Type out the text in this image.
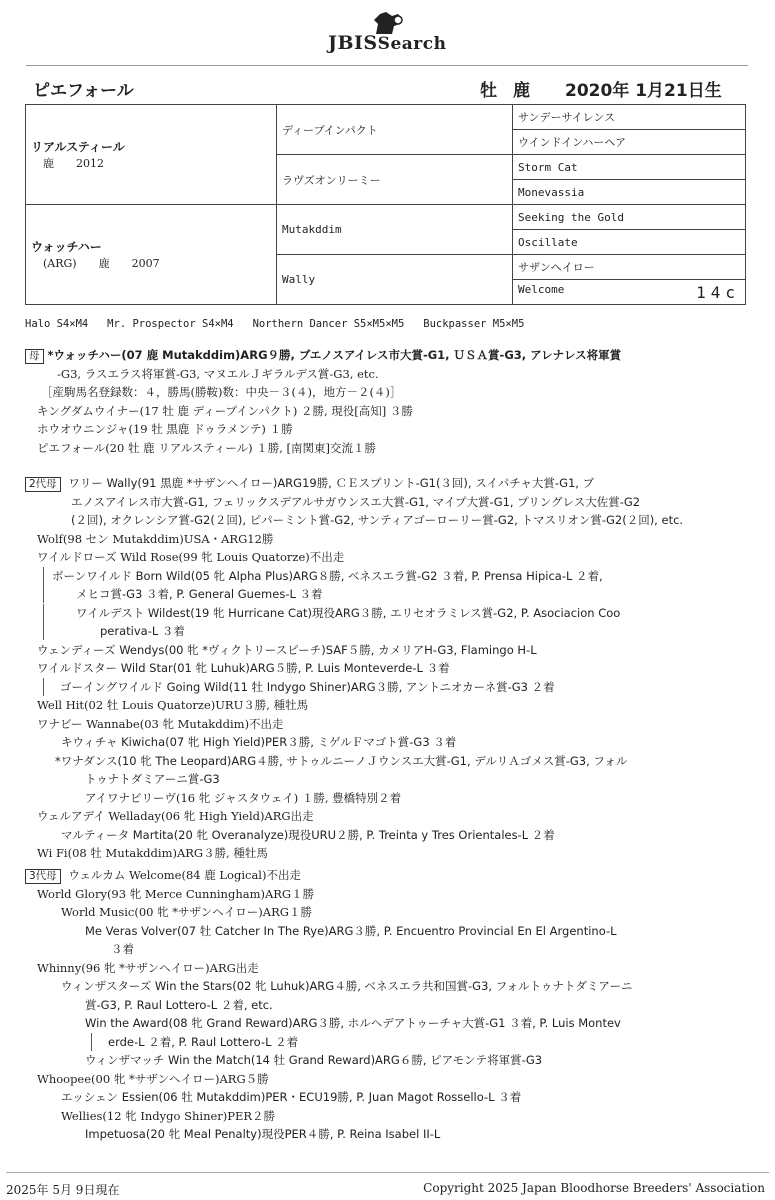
JBISSearch
ピエフォール	牡 鹿 2020年 1月21日生
リアルスティール
鹿　　2012	ディープインパクト	サンデーサイレンス
		ウインドインハーヘア
	ラヴズオンリーミー	Storm Cat
		Monevassia

ウォッチハー
(ARG)　　鹿　　2007	Mutakddim	Seeking the Gold
		Oscillate
	Wally	サザンヘイロー
		Welcome 14c
Halo S4×M4   Mr. Prospector S4×M4   Northern Dancer S5×M5×M5   Buckpasser M5×M5

母 *ウォッチハー(07 鹿 Mutakddim)ARG９勝, ブエノスアイレス市大賞-G1, ＵＳＡ賞-G3, アレナレス将軍賞

-G3, ラスエラス将軍賞-G3, マヌエルＪギラルデス賞-G3, etc.

［産駒馬名登録数：４，勝馬(勝鞍)数：中央－３(４)，地方－２(４)］

キングダムウイナー(17 牡 鹿 ディープインパクト) ２勝, 現役[高知] ３勝

ホウオウニンジャ(19 牡 黒鹿 ドゥラメンテ) １勝

ピエフォール(20 牡 鹿 リアルスティール) １勝, [南関東]交流１勝

2代母 ワリー Wally(91 黒鹿 *サザンヘイロー)ARG19勝, ＣＥスプリント-G1(３回), スイパチャ大賞-G1, ブ

エノスアイレス市大賞-G1, フェリックスデアルサガウンスエ大賞-G1, マイプ大賞-G1, プリングレス大佐賞-G2

(２回), オクレンシア賞-G2(２回), ピパーミント賞-G2, サンティアゴーローリー賞-G2, トマスリオン賞-G2(２回), etc.

Wolf(98 セン Mutakddim)USA・ARG12勝

ワイルドローズ Wild Rose(99 牝 Louis Quatorze)不出走

ボーンワイルド Born Wild(05 牝 Alpha Plus)ARG８勝, ベネスエラ賞-G2 ３着, P. Prensa Hipica-L ２着,

メヒコ賞-G3 ３着, P. General Guemes-L ３着

ワイルデスト Wildest(19 牝 Hurricane Cat)現役ARG３勝, エリセオラミレス賞-G2, P. Asociacion Coo

perativa-L ３着

ウェンディーズ Wendys(00 牝 *ヴィクトリースピーチ)SAF５勝, カメリアH-G3, Flamingo H-L

ワイルドスター Wild Star(01 牝 Luhuk)ARG５勝, P. Luis Monteverde-L ３着

ゴーイングワイルド Going Wild(11 牡 Indygo Shiner)ARG３勝, アントニオカーネ賞-G3 ２着

Well Hit(02 牡 Louis Quatorze)URU３勝, 種牡馬

ワナビー Wannabe(03 牝 Mutakddim)不出走

キウィチャ Kiwicha(07 牝 High Yield)PER３勝, ミゲルＦマゴト賞-G3 ３着

*ワナダンス(10 牝 The Leopard)ARG４勝, サトゥルニーノＪウンスエ大賞-G1, デルリＡゴメス賞-G3, フォル

トゥナトダミアーニ賞-G3

アイワナビリーヴ(16 牝 ジャスタウェイ) １勝, 豊橋特別２着

ウェルアデイ Welladay(06 牝 High Yield)ARG出走

マルティータ Martita(20 牝 Overanalyze)現役URU２勝, P. Treinta y Tres Orientales-L ２着

Wi Fi(08 牡 Mutakddim)ARG３勝, 種牡馬

3代母 ウェルカム Welcome(84 鹿 Logical)不出走

World Glory(93 牝 Merce Cunningham)ARG１勝

World Music(00 牝 *サザンヘイロー)ARG１勝

Me Veras Volver(07 牡 Catcher In The Rye)ARG３勝, P. Encuentro Provincial En El Argentino-L

３着

Whinny(96 牝 *サザンヘイロー)ARG出走

ウィンザスターズ Win the Stars(02 牝 Luhuk)ARG４勝, ベネスエラ共和国賞-G3, フォルトゥナトダミアーニ

賞-G3, P. Raul Lottero-L ２着, etc.

Win the Award(08 牝 Grand Reward)ARG３勝, ホルヘデアトゥーチャ大賞-G1 ３着, P. Luis Montev

erde-L ２着, P. Raul Lottero-L ２着

ウィンザマッチ Win the Match(14 牡 Grand Reward)ARG６勝, ピアモンテ将軍賞-G3

Whoopee(00 牝 *サザンヘイロー)ARG５勝

エッシェン Essien(06 牡 Mutakddim)PER・ECU19勝, P. Juan Magot Rossello-L ３着

Wellies(12 牝 Indygo Shiner)PER２勝

Impetuosa(20 牝 Meal Penalty)現役PER４勝, P. Reina Isabel II-L

2025年 5月 9日現在	Copyright 2025 Japan Bloodhorse Breeders' Association
